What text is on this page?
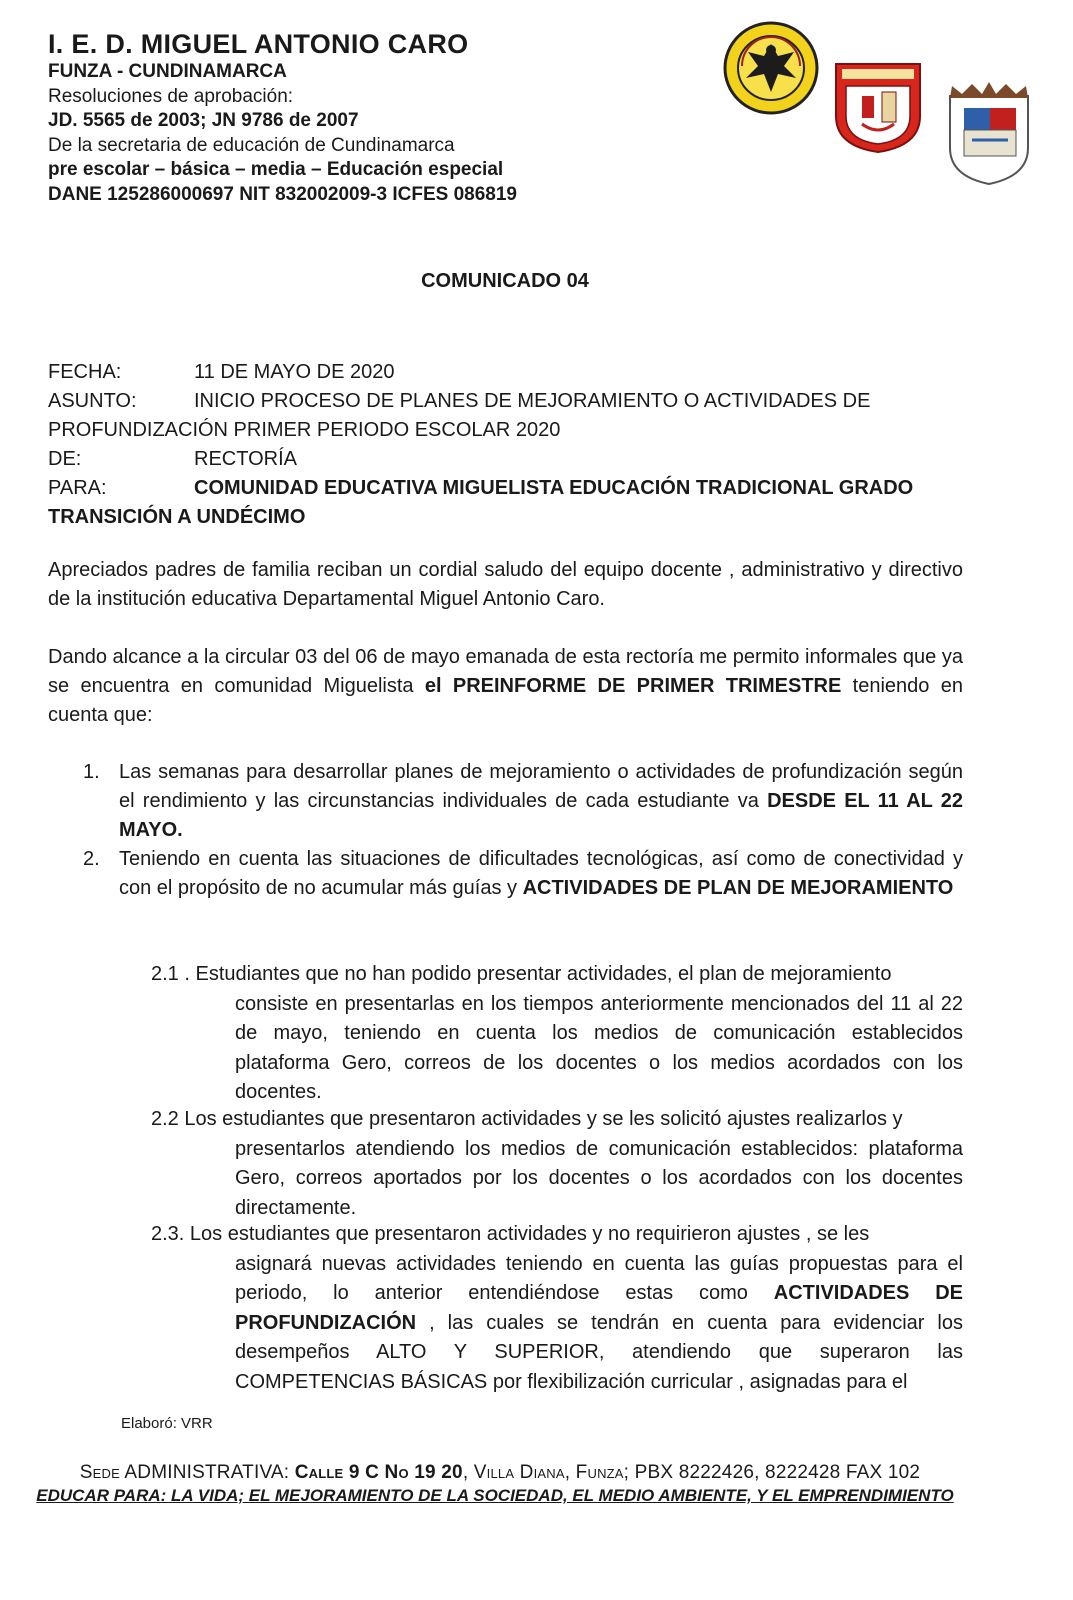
I. E. D. MIGUEL ANTONIO CARO
FUNZA - CUNDINAMARCA
Resoluciones de aprobación:
JD. 5565 de 2003; JN 9786 de 2007
De la secretaria de educación de Cundinamarca
pre escolar – básica – media – Educación especial
DANE 125286000697 NIT 832002009-3 ICFES 086819
COMUNICADO 04
FECHA:	11 DE MAYO DE 2020
ASUNTO:	INICIO PROCESO DE PLANES DE MEJORAMIENTO O ACTIVIDADES DE
PROFUNDIZACIÓN PRIMER PERIODO ESCOLAR 2020
DE:	RECTORÍA
PARA:	COMUNIDAD EDUCATIVA MIGUELISTA EDUCACIÓN TRADICIONAL GRADO
TRANSICIÓN A UNDÉCIMO
Apreciados padres de familia reciban un cordial saludo del equipo docente , administrativo y directivo de la institución educativa Departamental Miguel Antonio Caro.
Dando alcance a la circular 03 del 06 de mayo emanada de esta rectoría me permito informales que ya se encuentra en comunidad Miguelista el PREINFORME DE PRIMER TRIMESTRE teniendo en cuenta que:
1. Las semanas para desarrollar planes de mejoramiento o actividades de profundización según el rendimiento y las circunstancias individuales de cada estudiante va DESDE EL 11 AL 22 MAYO.
2. Teniendo en cuenta las situaciones de dificultades tecnológicas, así como de conectividad y con el propósito de no acumular más guías y ACTIVIDADES DE PLAN DE MEJORAMIENTO
2.1 . Estudiantes que no han podido presentar actividades, el plan de mejoramiento
consiste en presentarlas en los tiempos anteriormente mencionados del 11 al 22 de mayo, teniendo en cuenta los medios de comunicación establecidos plataforma Gero, correos de los docentes o los medios acordados con los docentes.
2.2 Los estudiantes que presentaron actividades y se les solicitó ajustes realizarlos y
presentarlos atendiendo los medios de comunicación establecidos: plataforma Gero, correos aportados por los docentes o los acordados con los docentes directamente.
2.3. Los estudiantes que presentaron actividades y no requirieron ajustes , se les
asignará nuevas actividades teniendo en cuenta las guías propuestas para el periodo, lo anterior entendiéndose estas como ACTIVIDADES DE PROFUNDIZACIÓN , las cuales se tendrán en cuenta para evidenciar los desempeños ALTO Y SUPERIOR, atendiendo que superaron las COMPETENCIAS BÁSICAS por flexibilización curricular , asignadas para el
Elaboró: VRR
Sede ADMINISTRATIVA: Calle 9 C No 19 20, Villa Diana, Funza; PBX 8222426, 8222428 FAX 102
EDUCAR PARA: LA VIDA; EL MEJORAMIENTO DE LA SOCIEDAD, EL MEDIO AMBIENTE, Y EL EMPRENDIMIENTO
